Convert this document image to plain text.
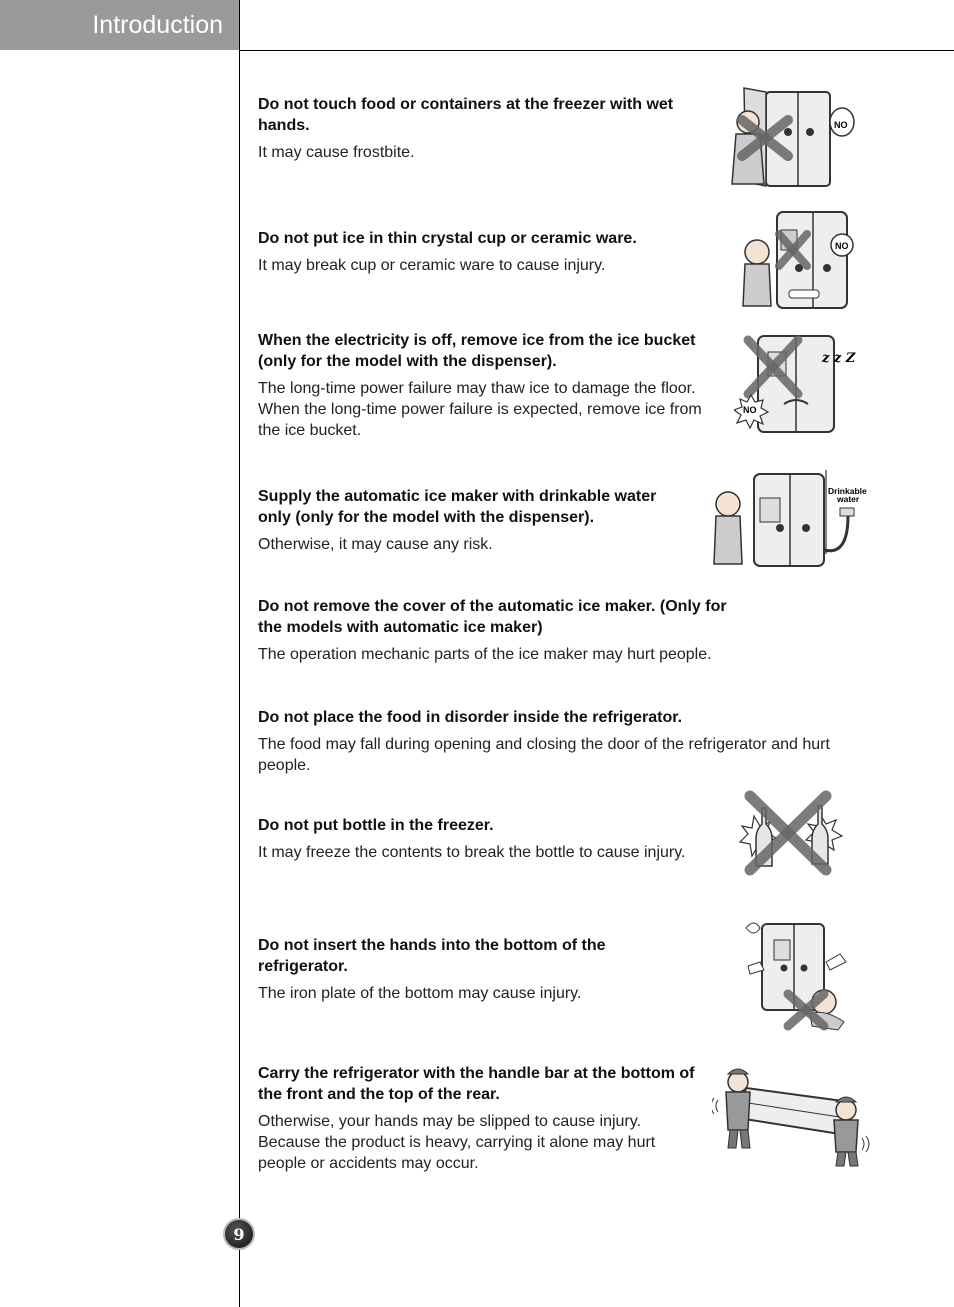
Introduction
Do not touch food or containers at the freezer with wet hands.

It may cause frostbite.

NO
Do not put ice in thin crystal cup or ceramic ware.

It may break cup or ceramic ware to cause injury.

NO
When the electricity is off, remove ice from the ice bucket (only for the model with the dispenser).

The long-time power failure may thaw ice to damage the floor. When the long-time power failure is expected, remove ice from the ice bucket.

NO
z z Z
Supply the automatic ice maker with drinkable water only (only for the model with the dispenser).

Otherwise, it may cause any risk.

Drinkable
water
Do not remove the cover of the automatic ice maker. (Only for the models with automatic ice maker)

The operation mechanic parts of the ice maker may hurt people.

Do not place the food in disorder inside the refrigerator.

The food may fall during opening and closing the door of the refrigerator and hurt people.

Do not put bottle in the freezer.

It may freeze the contents to break the bottle to cause injury.

Do not insert the hands into the bottom of the refrigerator.

The iron plate of the bottom may cause injury.

Carry the refrigerator with the handle bar at the bottom of the front and the top of the rear.

Otherwise, your hands may be slipped to cause injury. Because the product is heavy, carrying it alone may hurt people or accidents may occur.

9
